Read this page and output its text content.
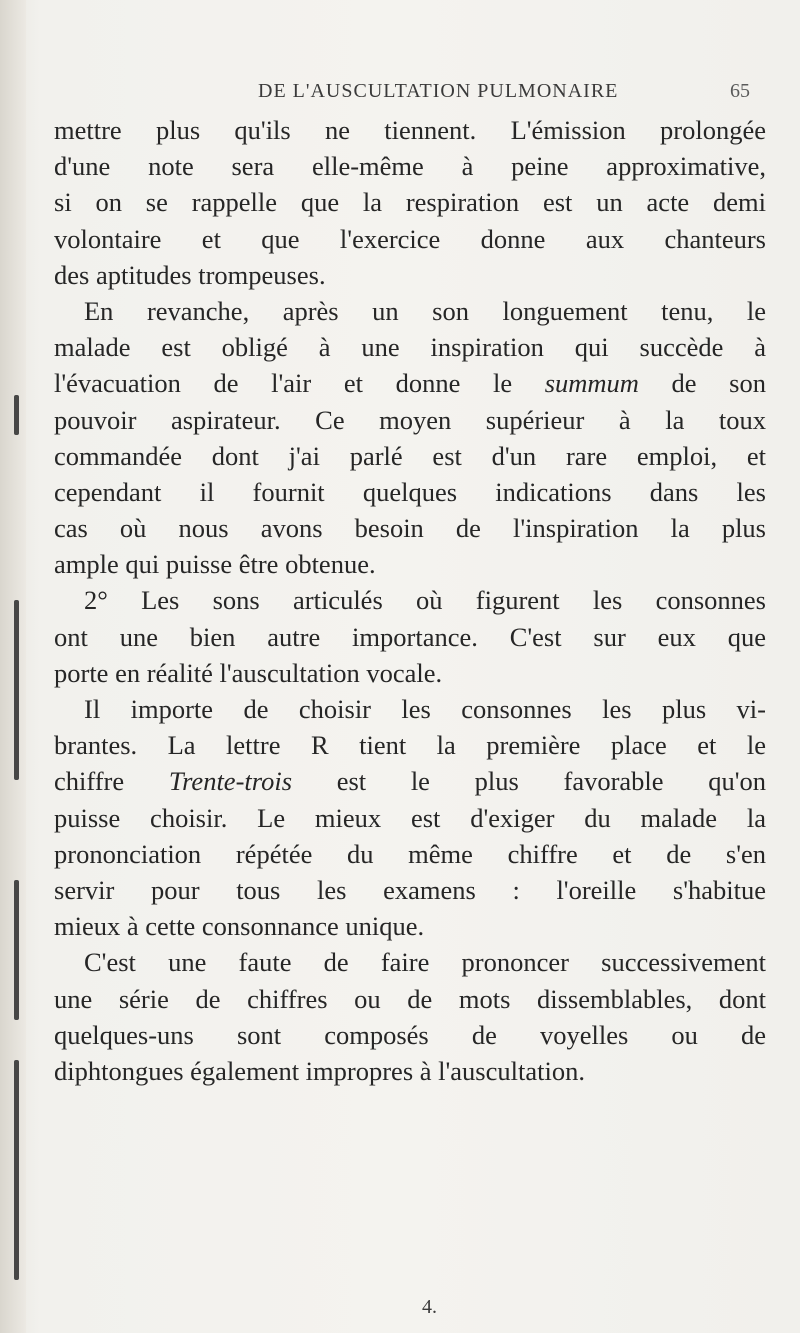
DE L'AUSCULTATION PULMONAIRE	65
mettre plus qu'ils ne tiennent. L'émission prolongée
d'une note sera elle-même à peine approximative,
si on se rappelle que la respiration est un acte demi
volontaire et que l'exercice donne aux chanteurs
des aptitudes trompeuses.
En revanche, après un son longuement tenu, le
malade est obligé à une inspiration qui succède à
l'évacuation de l'air et donne le summum de son
pouvoir aspirateur. Ce moyen supérieur à la toux
commandée dont j'ai parlé est d'un rare emploi, et
cependant il fournit quelques indications dans les
cas où nous avons besoin de l'inspiration la plus
ample qui puisse être obtenue.
2° Les sons articulés où figurent les consonnes
ont une bien autre importance. C'est sur eux que
porte en réalité l'auscultation vocale.
Il importe de choisir les consonnes les plus vi-
brantes. La lettre R tient la première place et le
chiffre Trente-trois est le plus favorable qu'on
puisse choisir. Le mieux est d'exiger du malade la
prononciation répétée du même chiffre et de s'en
servir pour tous les examens : l'oreille s'habitue
mieux à cette consonnance unique.
C'est une faute de faire prononcer successivement
une série de chiffres ou de mots dissemblables, dont
quelques-uns sont composés de voyelles ou de
diphtongues également impropres à l'auscultation.
4.
